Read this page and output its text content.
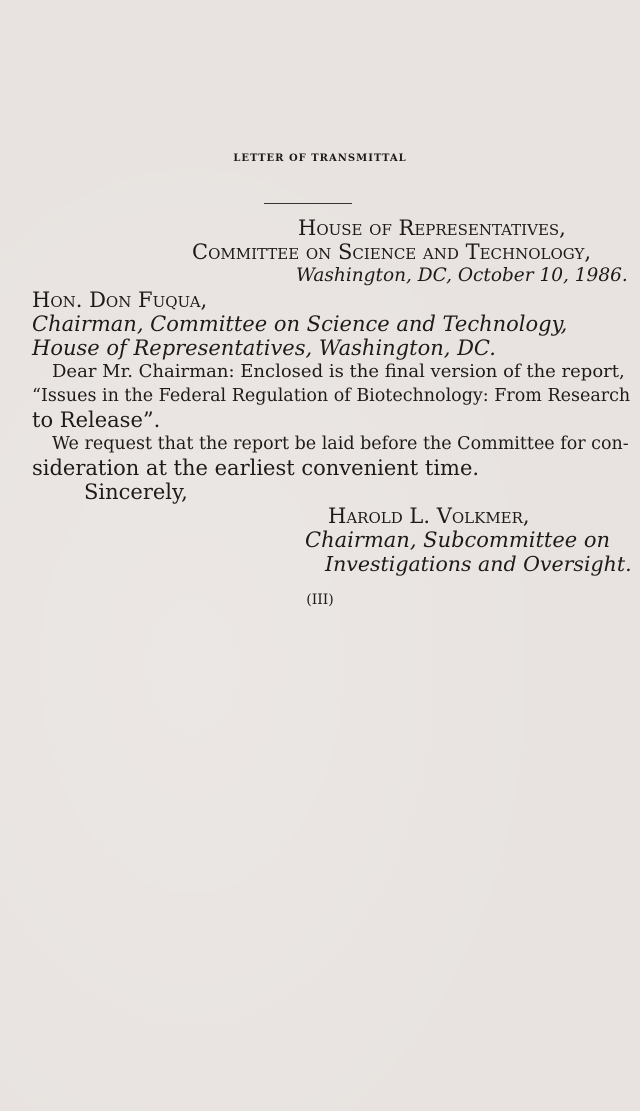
LETTER OF TRANSMITTAL
House of Representatives,
Committee on Science and Technology,
Washington, DC, October 10, 1986.
Hon. Don Fuqua,
Chairman, Committee on Science and Technology,
House of Representatives, Washington, DC.
Dear Mr. Chairman: Enclosed is the final version of the report,
“Issues in the Federal Regulation of Biotechnology: From Research
to Release”.
We request that the report be laid before the Committee for con-
sideration at the earliest convenient time.
Sincerely,
Harold L. Volkmer,
Chairman, Subcommittee on
Investigations and Oversight.
(III)
